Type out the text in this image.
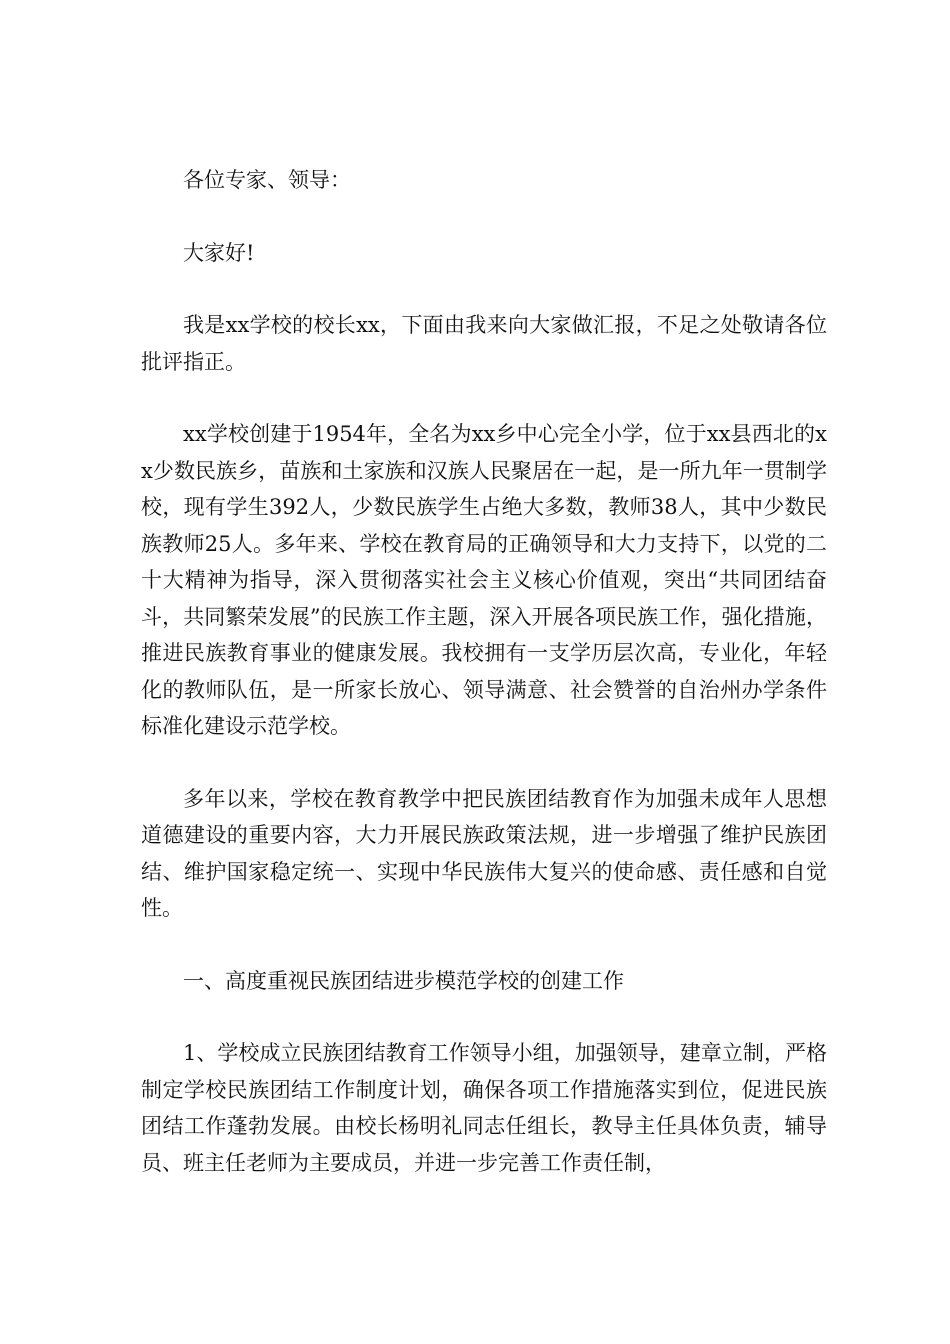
各位专家、领导：

大家好!

我是xx学校的校长xx，下面由我来向大家做汇报，不足之处敬请各位批评指正。

xx学校创建于1954年，全名为xx乡中心完全小学，位于xx县西北的xx少数民族乡，苗族和土家族和汉族人民聚居在一起，是一所九年一贯制学校，现有学生392人，少数民族学生占绝大多数，教师38人，其中少数民族教师25人。多年来、学校在教育局的正确领导和大力支持下，以党的二十大精神为指导，深入贯彻落实社会主义核心价值观，突出“共同团结奋斗，共同繁荣发展”的民族工作主题，深入开展各项民族工作，强化措施，推进民族教育事业的健康发展。我校拥有一支学历层次高，专业化，年轻化的教师队伍，是一所家长放心、领导满意、社会赞誉的自治州办学条件标准化建设示范学校。

多年以来，学校在教育教学中把民族团结教育作为加强未成年人思想道德建设的重要内容，大力开展民族政策法规，进一步增强了维护民族团结、维护国家稳定统一、实现中华民族伟大复兴的使命感、责任感和自觉性。

一、高度重视民族团结进步模范学校的创建工作

1、学校成立民族团结教育工作领导小组，加强领导，建章立制，严格制定学校民族团结工作制度计划，确保各项工作措施落实到位，促进民族团结工作蓬勃发展。由校长杨明礼同志任组长，教导主任具体负责，辅导员、班主任老师为主要成员，并进一步完善工作责任制，
